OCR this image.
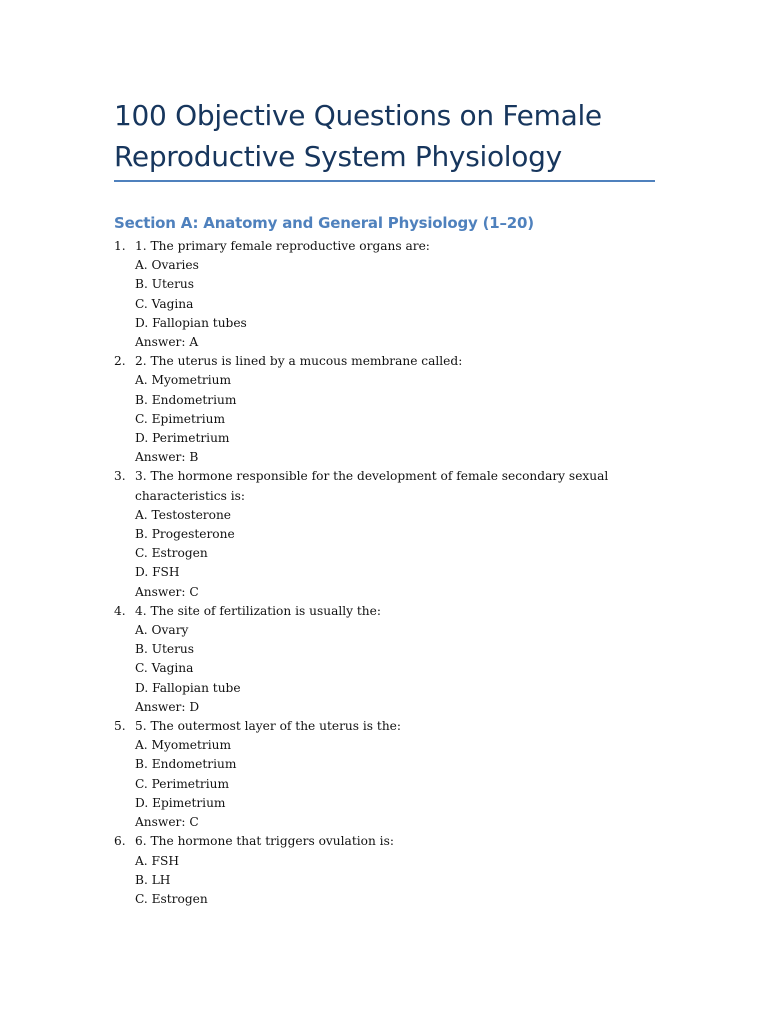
100 Objective Questions on Female Reproductive System Physiology
Section A: Anatomy and General Physiology (1–20)
1. 1. The primary female reproductive organs are:
A. Ovaries
B. Uterus
C. Vagina
D. Fallopian tubes
Answer: A
2. 2. The uterus is lined by a mucous membrane called:
A. Myometrium
B. Endometrium
C. Epimetrium
D. Perimetrium
Answer: B
3. 3. The hormone responsible for the development of female secondary sexual characteristics is:
A. Testosterone
B. Progesterone
C. Estrogen
D. FSH
Answer: C
4. 4. The site of fertilization is usually the:
A. Ovary
B. Uterus
C. Vagina
D. Fallopian tube
Answer: D
5. 5. The outermost layer of the uterus is the:
A. Myometrium
B. Endometrium
C. Perimetrium
D. Epimetrium
Answer: C
6. 6. The hormone that triggers ovulation is:
A. FSH
B. LH
C. Estrogen
